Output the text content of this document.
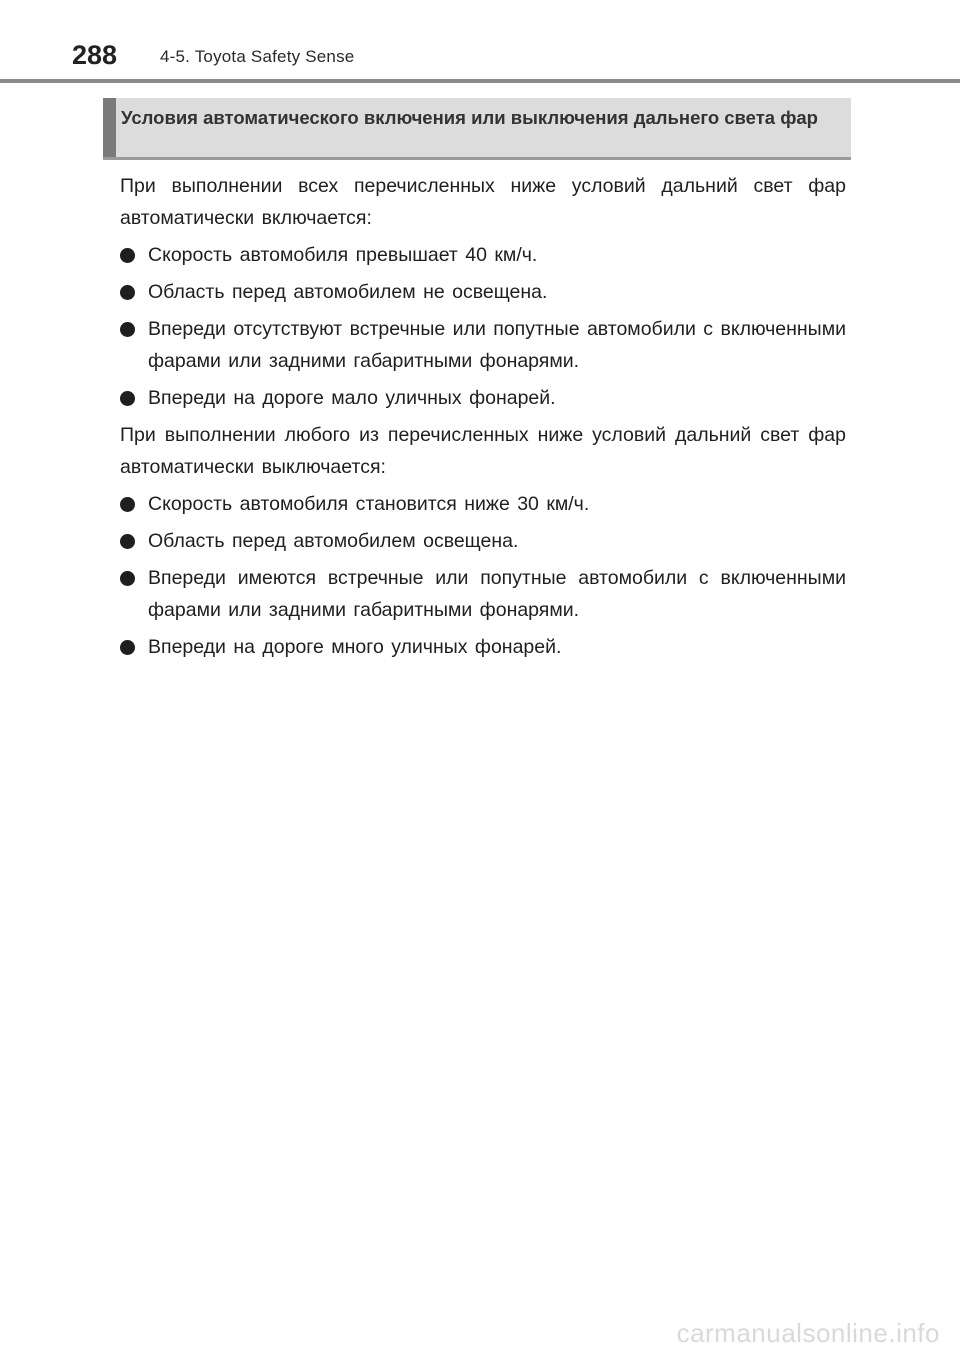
288	4-5. Toyota Safety Sense
Условия автоматического включения или выключения дальнего света фар

При выполнении всех перечисленных ниже условий дальний свет фар автоматически включается:

Скорость автомобиля превышает 40 км/ч.
Область перед автомобилем не освещена.
Впереди отсутствуют встречные или попутные автомобили с включенными фарами или задними габаритными фонарями.
Впереди на дороге мало уличных фонарей.

При выполнении любого из перечисленных ниже условий дальний свет фар автоматически выключается:

Скорость автомобиля становится ниже 30 км/ч.
Область перед автомобилем освещена.
Впереди имеются встречные или попутные автомобили с включенными фарами или задними габаритными фонарями.
Впереди на дороге много уличных фонарей.
carmanualsonline.info
